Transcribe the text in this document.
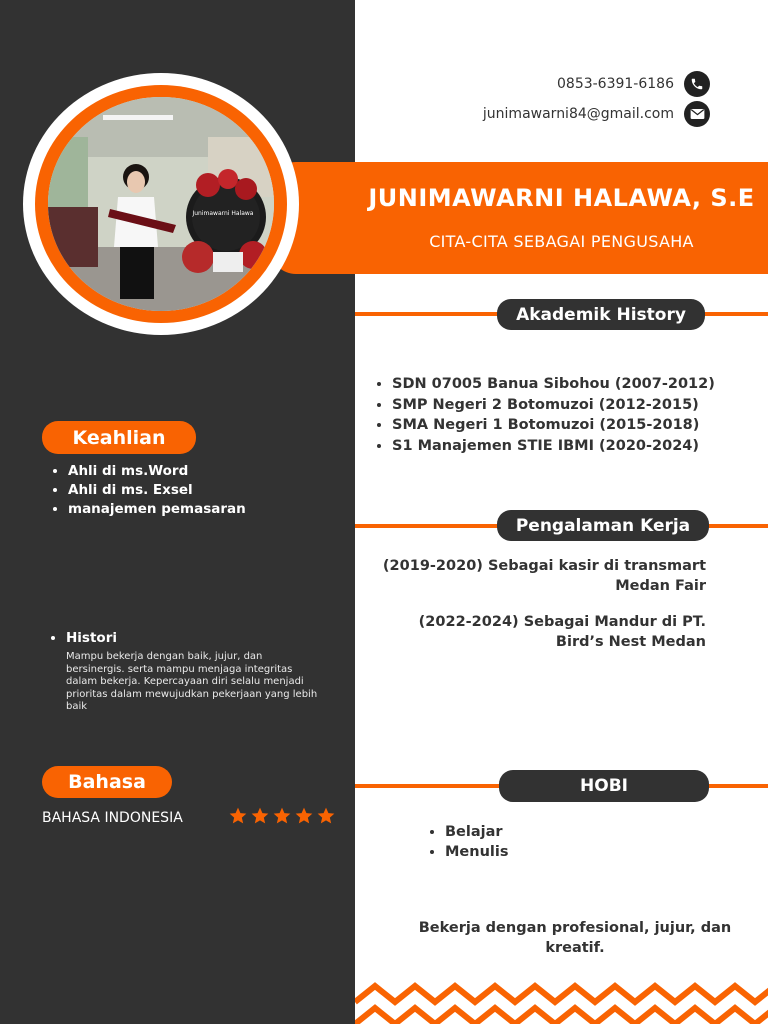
Junimawarni Halawa
0853-6391-6186
junimawarni84@gmail.com
JUNIMAWARNI HALAWA, S.E
CITA-CITA SEBAGAI PENGUSAHA
Akademik History
• SDN 07005 Banua Sibohou (2007-2012)
• SMP Negeri 2 Botomuzoi (2012-2015)
• SMA Negeri 1 Botomuzoi (2015-2018)
• S1 Manajemen STIE IBMI (2020-2024)
Pengalaman Kerja
(2019-2020) Sebagai kasir di transmart
Medan Fair
(2022-2024) Sebagai Mandur di PT.
Bird’s Nest Medan
HOBI
• Belajar
• Menulis
Bekerja dengan profesional, jujur, dan
kreatif.
Keahlian
• Ahli di ms.Word
• Ahli di ms. Exsel
• manajemen pemasaran
• Histori
Mampu bekerja dengan baik, jujur, dan bersinergis. serta mampu menjaga integritas dalam bekerja. Kepercayaan diri selalu menjadi prioritas dalam mewujudkan pekerjaan yang lebih baik
Bahasa
BAHASA INDONESIA
